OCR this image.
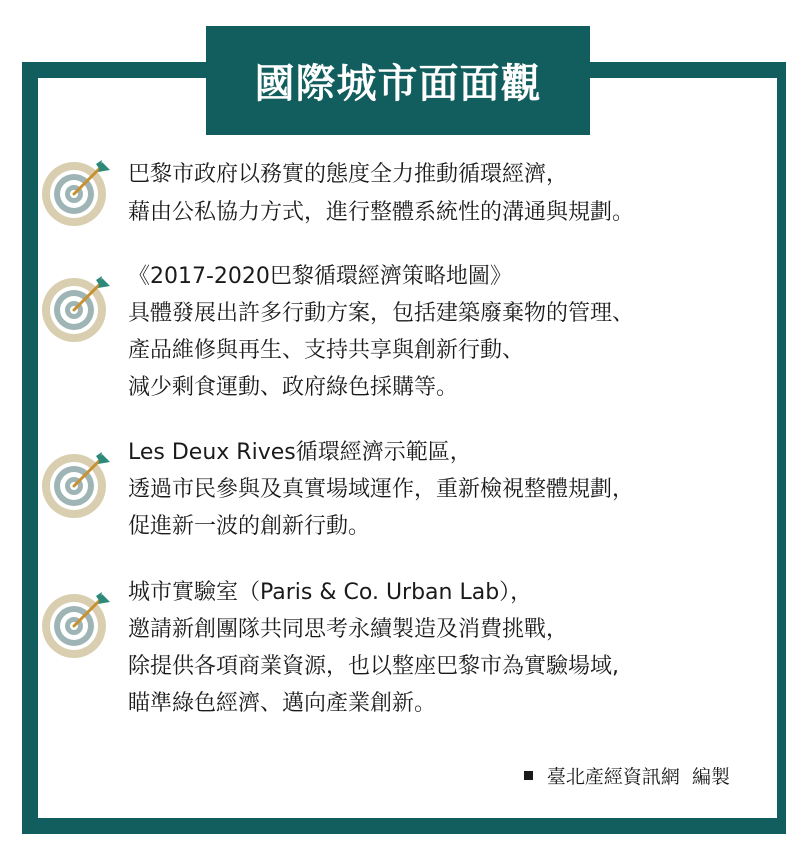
國際城市面面觀
巴黎市政府以務實的態度全力推動循環經濟，
藉由公私協力方式，進行整體系統性的溝通與規劃。
《2017-2020巴黎循環經濟策略地圖》
具體發展出許多行動方案，包括建築廢棄物的管理、
產品維修與再生、支持共享與創新行動、
減少剩食運動、政府綠色採購等。
Les Deux Rives循環經濟示範區，
透過市民參與及真實場域運作，重新檢視整體規劃，
促進新一波的創新行動。
城市實驗室（Paris & Co. Urban Lab），
邀請新創團隊共同思考永續製造及消費挑戰，
除提供各項商業資源，也以整座巴黎市為實驗場域,
瞄準綠色經濟、邁向產業創新。
臺北產經資訊網  編製
